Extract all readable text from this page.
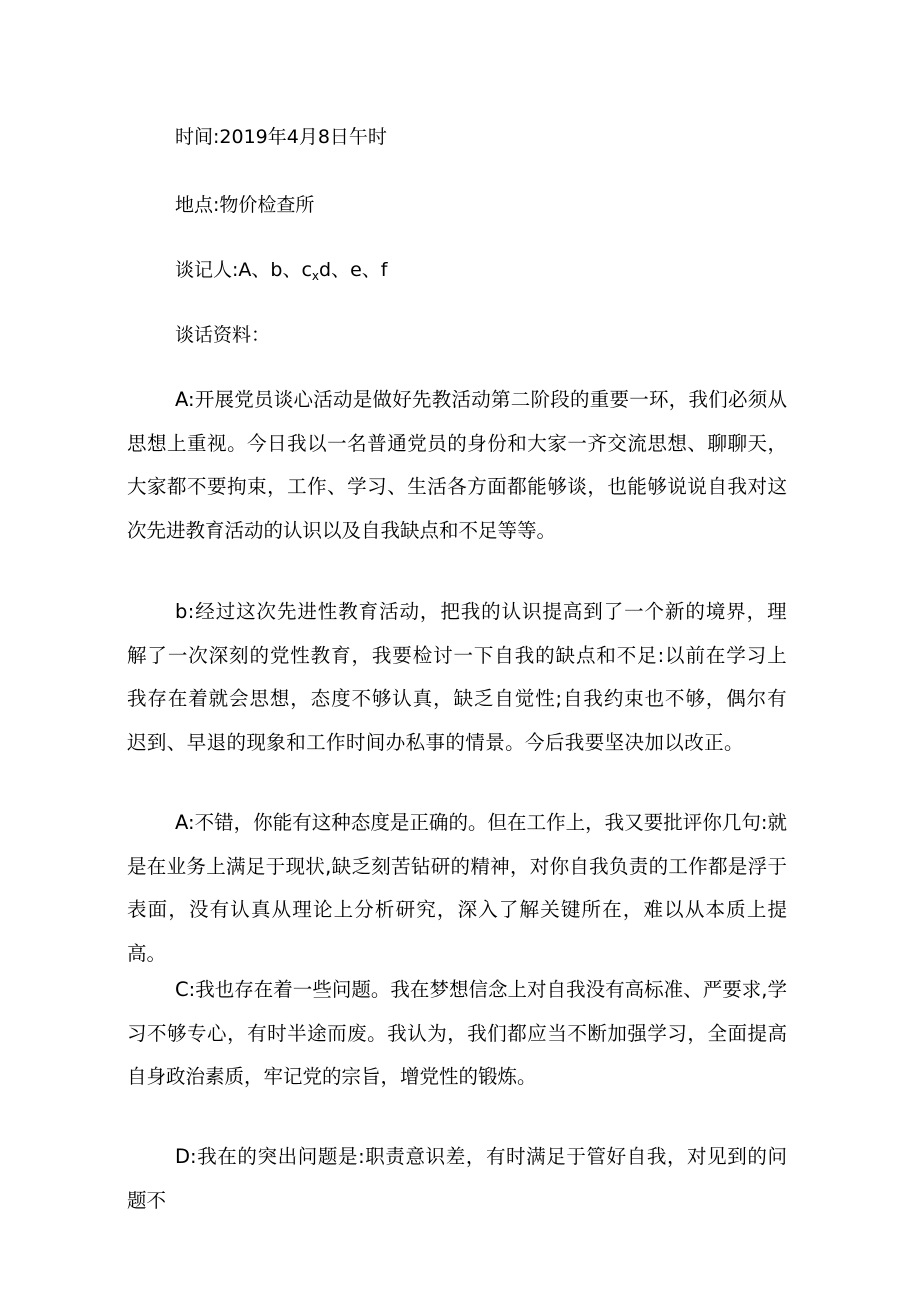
时间:2019年4月8日午时
地点:物价检查所
谈记人:A、b、$c_xd$、e、f
谈话资料：

A:开展党员谈心活动是做好先教活动第二阶段的重要一环，我们必须从思想上重视。今日我以一名普通党员的身份和大家一齐交流思想、聊聊天，大家都不要拘束，工作、学习、生活各方面都能够谈，也能够说说自我对这次先进教育活动的认识以及自我缺点和不足等等。

b:经过这次先进性教育活动，把我的认识提高到了一个新的境界，理解了一次深刻的党性教育，我要检讨一下自我的缺点和不足:以前在学习上我存在着就会思想，态度不够认真，缺乏自觉性;自我约束也不够，偶尔有迟到、早退的现象和工作时间办私事的情景。今后我要坚决加以改正。

A:不错，你能有这种态度是正确的。但在工作上，我又要批评你几句:就是在业务上满足于现状,缺乏刻苦钻研的精神，对你自我负责的工作都是浮于表面，没有认真从理论上分析研究，深入了解关键所在，难以从本质上提高。

C:我也存在着一些问题。我在梦想信念上对自我没有高标准、严要求,学习不够专心，有时半途而废。我认为，我们都应当不断加强学习，全面提高自身政治素质，牢记党的宗旨，增党性的锻炼。

D:我在的突出问题是:职责意识差，有时满足于管好自我，对见到的问题不
